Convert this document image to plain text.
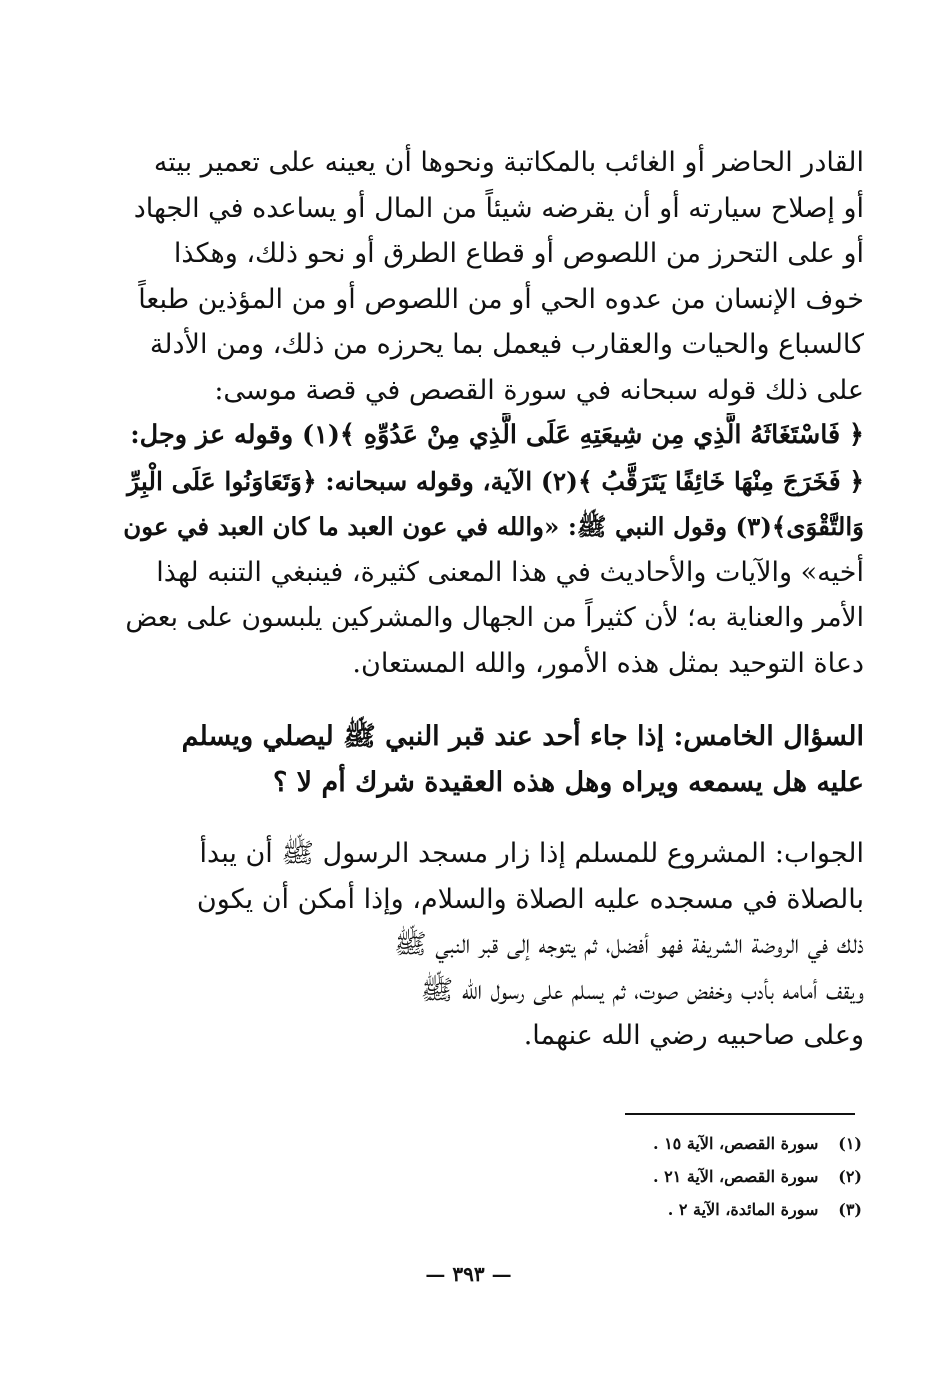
القادر الحاضر أو الغائب بالمكاتبة ونحوها أن يعينه على تعمير بيته
أو إصلاح سيارته أو أن يقرضه شيئاً من المال أو يساعده في الجهاد
أو على التحرز من اللصوص أو قطاع الطرق أو نحو ذلك، وهكذا
خوف الإنسان من عدوه الحي أو من اللصوص أو من المؤذين طبعاً
كالسباع والحيات والعقارب فيعمل بما يحرزه من ذلك، ومن الأدلة
على ذلك قوله سبحانه في سورة القصص في قصة موسى:
﴿ فَاسْتَغَاثَهُ الَّذِي مِن شِيعَتِهِ عَلَى الَّذِي مِنْ عَدُوِّهِ ﴾(١) وقوله عز وجل:
﴿ فَخَرَجَ مِنْهَا خَائِفًا يَتَرَقَّبُ ﴾(٢) الآية، وقوله سبحانه: ﴿وَتَعَاوَنُوا عَلَى الْبِرِّ
وَالتَّقْوَى﴾(٣) وقول النبي ﷺ: «والله في عون العبد ما كان العبد في عون
أخيه» والآيات والأحاديث في هذا المعنى كثيرة، فينبغي التنبه لهذا
الأمر والعناية به؛ لأن كثيراً من الجهال والمشركين يلبسون على بعض
دعاة التوحيد بمثل هذه الأمور، والله المستعان.
السؤال الخامس: إذا جاء أحد عند قبر النبي ﷺ ليصلي ويسلم
عليه هل يسمعه ويراه وهل هذه العقيدة شرك أم لا ؟
الجواب: المشروع للمسلم إذا زار مسجد الرسول ﷺ أن يبدأ
بالصلاة في مسجده عليه الصلاة والسلام، وإذا أمكن أن يكون
ذلك في الروضة الشريفة فهو أفضل، ثم يتوجه إلى قبر النبي ﷺ
ويقف أمامه بأدب وخفض صوت، ثم يسلم على رسول الله ﷺ
وعلى صاحبيه رضي الله عنهما.
(١) سورة القصص، الآية ١٥ .
(٢) سورة القصص، الآية ٢١ .
(٣) سورة المائدة، الآية ٢ .
— ٣٩٣ —
